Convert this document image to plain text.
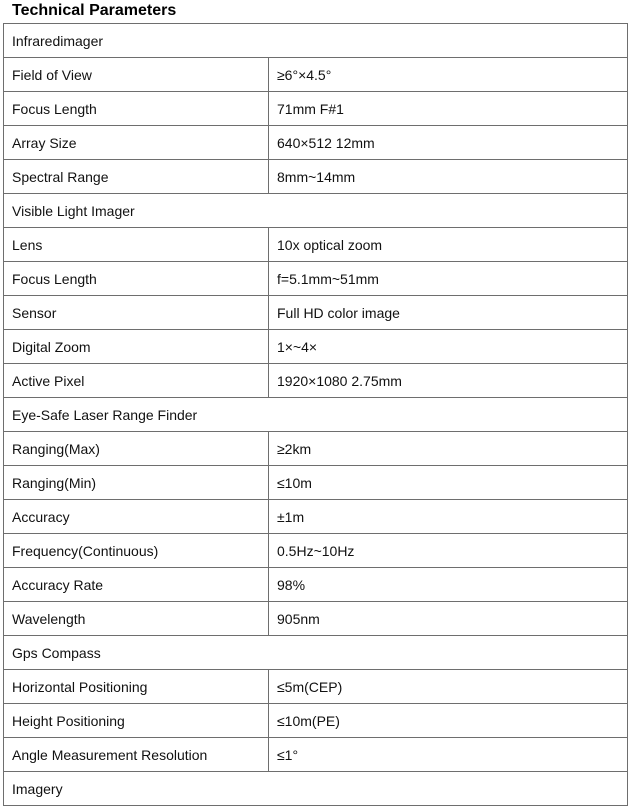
Technical Parameters
Infraredimager	
Field of View	≥6°×4.5°
Focus Length	71mm F#1
Array Size	640×512 12mm
Spectral Range	8mm~14mm
Visible Light Imager	
Lens	10x optical zoom
Focus Length	f=5.1mm~51mm
Sensor	Full HD color image
Digital Zoom	1×~4×
Active Pixel	1920×1080 2.75mm
Eye-Safe Laser Range Finder	
Ranging(Max)	≥2km
Ranging(Min)	≤10m
Accuracy	±1m
Frequency(Continuous)	0.5Hz~10Hz
Accuracy Rate	98%
Wavelength	905nm
Gps Compass	
Horizontal Positioning	≤5m(CEP)
Height Positioning	≤10m(PE)
Angle Measurement Resolution	≤1°
Imagery	
